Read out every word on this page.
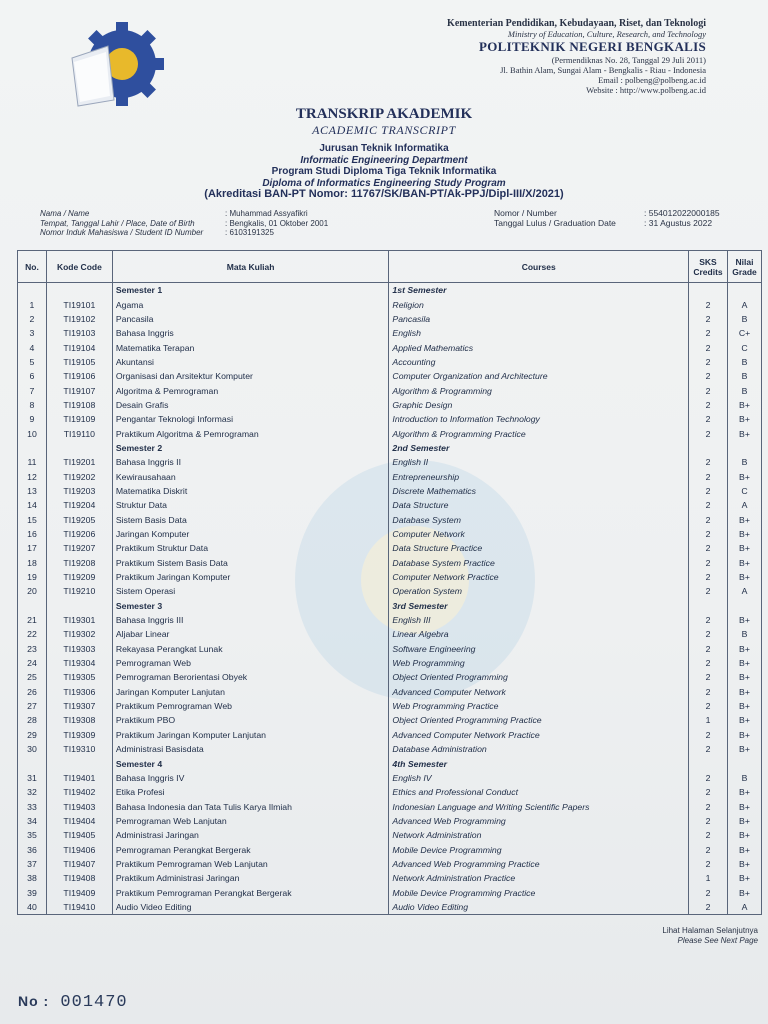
Kementerian Pendidikan, Kebudayaan, Riset, dan Teknologi
Ministry of Education, Culture, Research, and Technology
POLITEKNIK NEGERI BENGKALIS
(Permendiknas No. 28, Tanggal 29 Juli 2011)
Jl. Bathin Alam, Sungai Alam - Bengkalis - Riau - Indonesia
Email : polbeng@polbeng.ac.id
Website : http://www.polbeng.ac.id
TRANSKRIP AKADEMIK
ACADEMIC TRANSCRIPT
Jurusan Teknik Informatika
Informatic Engineering Department
Program Studi Diploma Tiga Teknik Informatika
Diploma of Informatics Engineering Study Program
(Akreditasi BAN-PT Nomor: 11767/SK/BAN-PT/Ak-PPJ/Dipl-III/X/2021)
Nama / Name	: Muhammad Assyafikri
Tempat, Tanggal Lahir / Place, Date of Birth	: Bengkalis, 01 Oktober 2001
Nomor Induk Mahasiswa / Student ID Number	: 6103191325
Nomor / Number	: 554012022000185
Tanggal Lulus / Graduation Date	: 31 Agustus 2022
No.	Kode Code	Mata Kuliah	Courses	SKS Credits	Nilai Grade
		Semester 1	1st Semester		
1	TI19101	Agama	Religion	2	A
2	TI19102	Pancasila	Pancasila	2	B
3	TI19103	Bahasa Inggris	English	2	C+
4	TI19104	Matematika Terapan	Applied Mathematics	2	C
5	TI19105	Akuntansi	Accounting	2	B
6	TI19106	Organisasi dan Arsitektur Komputer	Computer Organization and Architecture	2	B
7	TI19107	Algoritma & Pemrograman	Algorithm & Programming	2	B
8	TI19108	Desain Grafis	Graphic Design	2	B+
9	TI19109	Pengantar Teknologi Informasi	Introduction to Information Technology	2	B+
10	TI19110	Praktikum Algoritma & Pemrograman	Algorithm & Programming Practice	2	B+
		Semester 2	2nd Semester		
11	TI19201	Bahasa Inggris II	English II	2	B
12	TI19202	Kewirausahaan	Entrepreneurship	2	B+
13	TI19203	Matematika Diskrit	Discrete Mathematics	2	C
14	TI19204	Struktur Data	Data Structure	2	A
15	TI19205	Sistem Basis Data	Database System	2	B+
16	TI19206	Jaringan Komputer	Computer Network	2	B+
17	TI19207	Praktikum Struktur Data	Data Structure Practice	2	B+
18	TI19208	Praktikum Sistem Basis Data	Database System Practice	2	B+
19	TI19209	Praktikum Jaringan Komputer	Computer Network Practice	2	B+
20	TI19210	Sistem Operasi	Operation System	2	A
		Semester 3	3rd Semester		
21	TI19301	Bahasa Inggris III	English III	2	B+
22	TI19302	Aljabar Linear	Linear Algebra	2	B
23	TI19303	Rekayasa Perangkat Lunak	Software Engineering	2	B+
24	TI19304	Pemrograman Web	Web Programming	2	B+
25	TI19305	Pemrograman Berorientasi Obyek	Object Oriented Programming	2	B+
26	TI19306	Jaringan Komputer Lanjutan	Advanced Computer Network	2	B+
27	TI19307	Praktikum Pemrograman Web	Web Programming Practice	2	B+
28	TI19308	Praktikum PBO	Object Oriented Programming Practice	1	B+
29	TI19309	Praktikum Jaringan Komputer Lanjutan	Advanced Computer Network Practice	2	B+
30	TI19310	Administrasi Basisdata	Database Administration	2	B+
		Semester 4	4th Semester		
31	TI19401	Bahasa Inggris IV	English IV	2	B
32	TI19402	Etika Profesi	Ethics and Professional Conduct	2	B+
33	TI19403	Bahasa Indonesia dan Tata Tulis Karya Ilmiah	Indonesian Language and Writing Scientific Papers	2	B+
34	TI19404	Pemrograman Web Lanjutan	Advanced Web Programming	2	B+
35	TI19405	Administrasi Jaringan	Network Administration	2	B+
36	TI19406	Pemrograman Perangkat Bergerak	Mobile Device Programming	2	B+
37	TI19407	Praktikum Pemrograman Web Lanjutan	Advanced Web Programming Practice	2	B+
38	TI19408	Praktikum Administrasi Jaringan	Network Administration Practice	1	B+
39	TI19409	Praktikum Pemrograman Perangkat Bergerak	Mobile Device Programming Practice	2	B+
40	TI19410	Audio Video Editing	Audio Video Editing	2	A
Lihat Halaman Selanjutnya
Please See Next Page
No : 001470
